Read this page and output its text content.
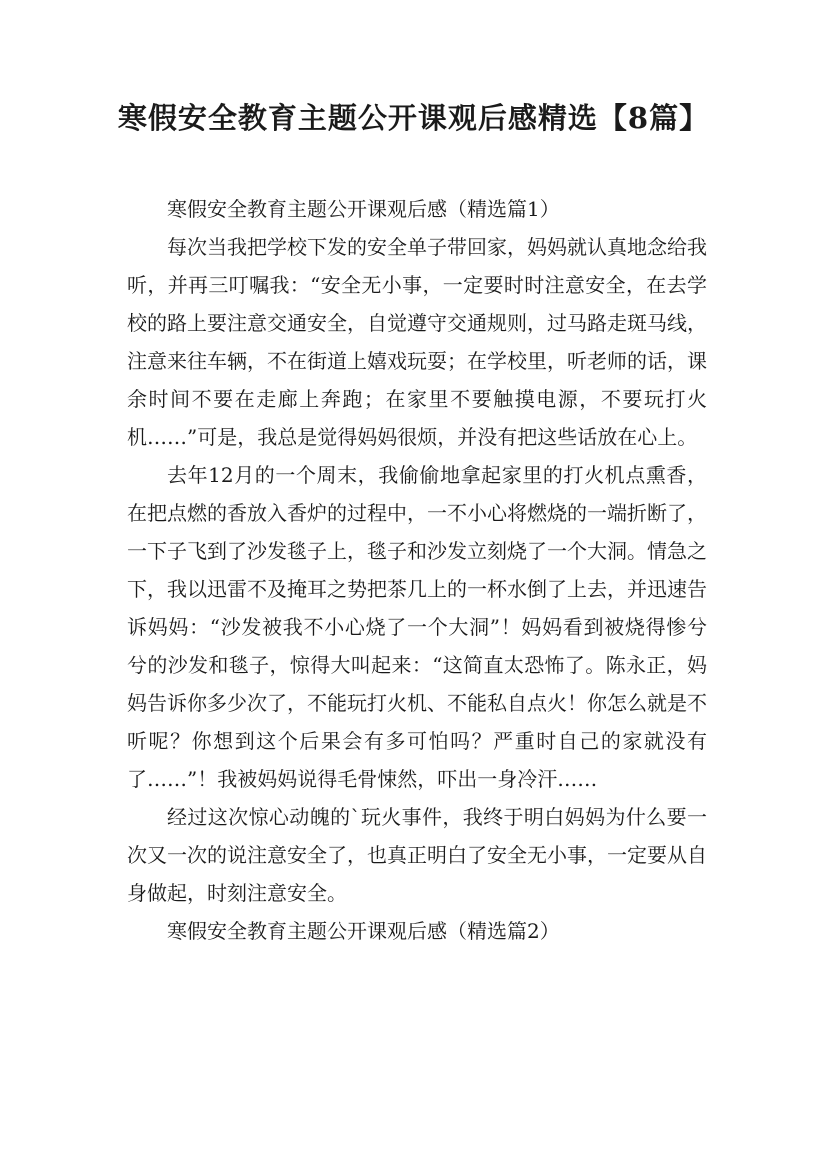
寒假安全教育主题公开课观后感精选【8篇】

寒假安全教育主题公开课观后感（精选篇1）

每次当我把学校下发的安全单子带回家，妈妈就认真地念给我听，并再三叮嘱我：“安全无小事，一定要时时注意安全，在去学校的路上要注意交通安全，自觉遵守交通规则，过马路走斑马线，注意来往车辆，不在街道上嬉戏玩耍；在学校里，听老师的话，课余时间不要在走廊上奔跑；在家里不要触摸电源，不要玩打火机……”可是，我总是觉得妈妈很烦，并没有把这些话放在心上。

去年12月的一个周末，我偷偷地拿起家里的打火机点熏香，在把点燃的香放入香炉的过程中，一不小心将燃烧的一端折断了，一下子飞到了沙发毯子上，毯子和沙发立刻烧了一个大洞。情急之下，我以迅雷不及掩耳之势把茶几上的一杯水倒了上去，并迅速告诉妈妈：“沙发被我不小心烧了一个大洞”！妈妈看到被烧得惨兮兮的沙发和毯子，惊得大叫起来：“这简直太恐怖了。陈永正，妈妈告诉你多少次了，不能玩打火机、不能私自点火！你怎么就是不听呢？你想到这个后果会有多可怕吗？严重时自己的家就没有了……”！我被妈妈说得毛骨悚然，吓出一身冷汗……

经过这次惊心动魄的`玩火事件，我终于明白妈妈为什么要一次又一次的说注意安全了，也真正明白了安全无小事，一定要从自身做起，时刻注意安全。

寒假安全教育主题公开课观后感（精选篇2）
